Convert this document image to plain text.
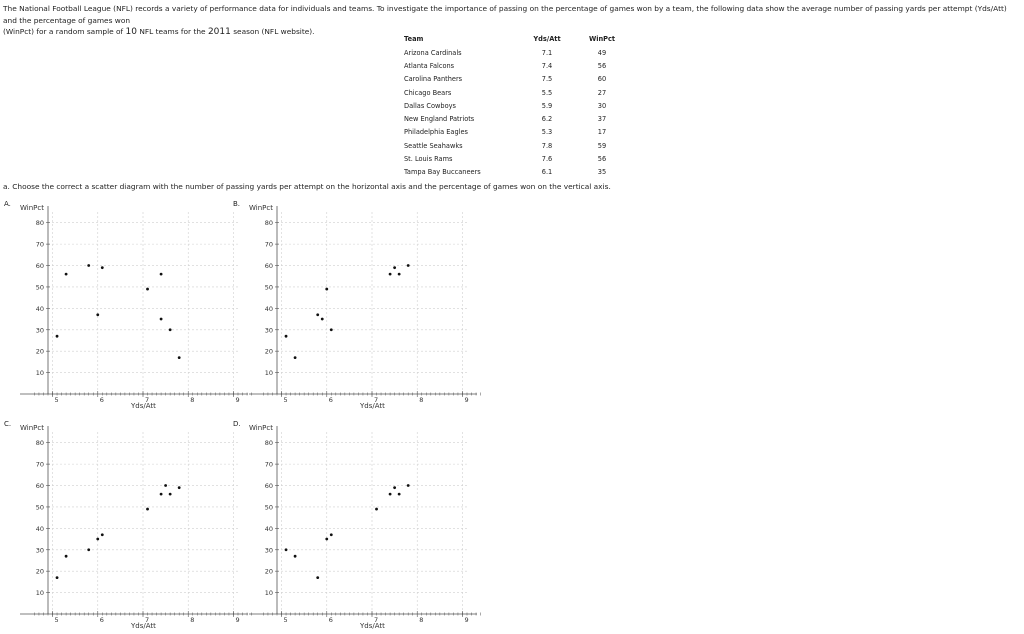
The National Football League (NFL) records a variety of performance data for individuals and teams. To investigate the importance of passing on the percentage of games won by a team, the following data show the average number of passing yards per attempt (Yds/Att) and the percentage of games won
(WinPct) for a random sample of 10 NFL teams for the 2011 season (NFL website).
Team	Yds/Att	WinPct
Arizona Cardinals	7.1	49
Atlanta Falcons	7.4	56
Carolina Panthers	7.5	60
Chicago Bears	5.5	27
Dallas Cowboys	5.9	30
New England Patriots	6.2	37
Philadelphia Eagles	5.3	17
Seattle Seahawks	7.8	59
St. Louis Rams	7.6	56
Tampa Bay Buccaneers	6.1	35
a. Choose the correct a scatter diagram with the number of passing yards per attempt on the horizontal axis and the percentage of games won on the vertical axis.
A.	B.
C.	D.
10
20
30
40
50
60
70
80
5	6	7	8	9
WinPct
Yds/Att
10
20
30
40
50
60
70
80
5	6	7	8	9
WinPct
Yds/Att
10
20
30
40
50
60
70
80
5	6	7	8	9
WinPct
Yds/Att
10
20
30
40
50
60
70
80
5	6	7	8	9
WinPct
Yds/Att
